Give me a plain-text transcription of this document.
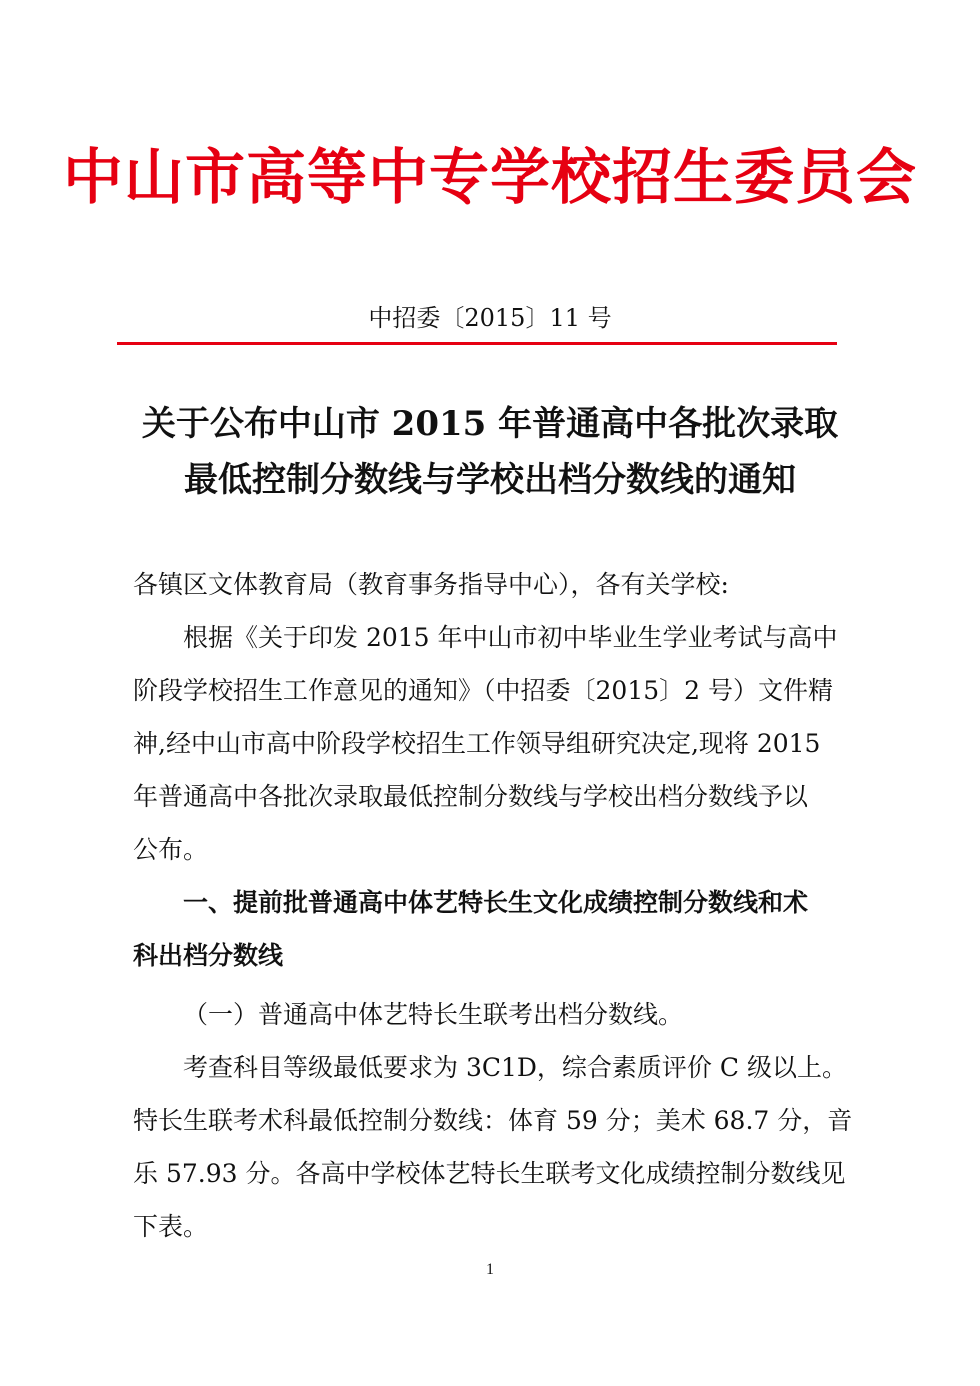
中山市高等中专学校招生委员会
中招委〔2015〕11 号
关于公布中山市 2015 年普通高中各批次录取
最低控制分数线与学校出档分数线的通知
各镇区文体教育局（教育事务指导中心），各有关学校:
根据《关于印发 2015 年中山市初中毕业生学业考试与高中
阶段学校招生工作意见的通知》（中招委〔2015〕2 号）文件精
神,经中山市高中阶段学校招生工作领导组研究决定,现将 2015
年普通高中各批次录取最低控制分数线与学校出档分数线予以
公布。
一、提前批普通高中体艺特长生文化成绩控制分数线和术
科出档分数线
（一）普通高中体艺特长生联考出档分数线。
考查科目等级最低要求为 3C1D，综合素质评价 C 级以上。
特长生联考术科最低控制分数线：体育 59 分；美术 68.7 分，音
乐 57.93 分。各高中学校体艺特长生联考文化成绩控制分数线见
下表。
1
